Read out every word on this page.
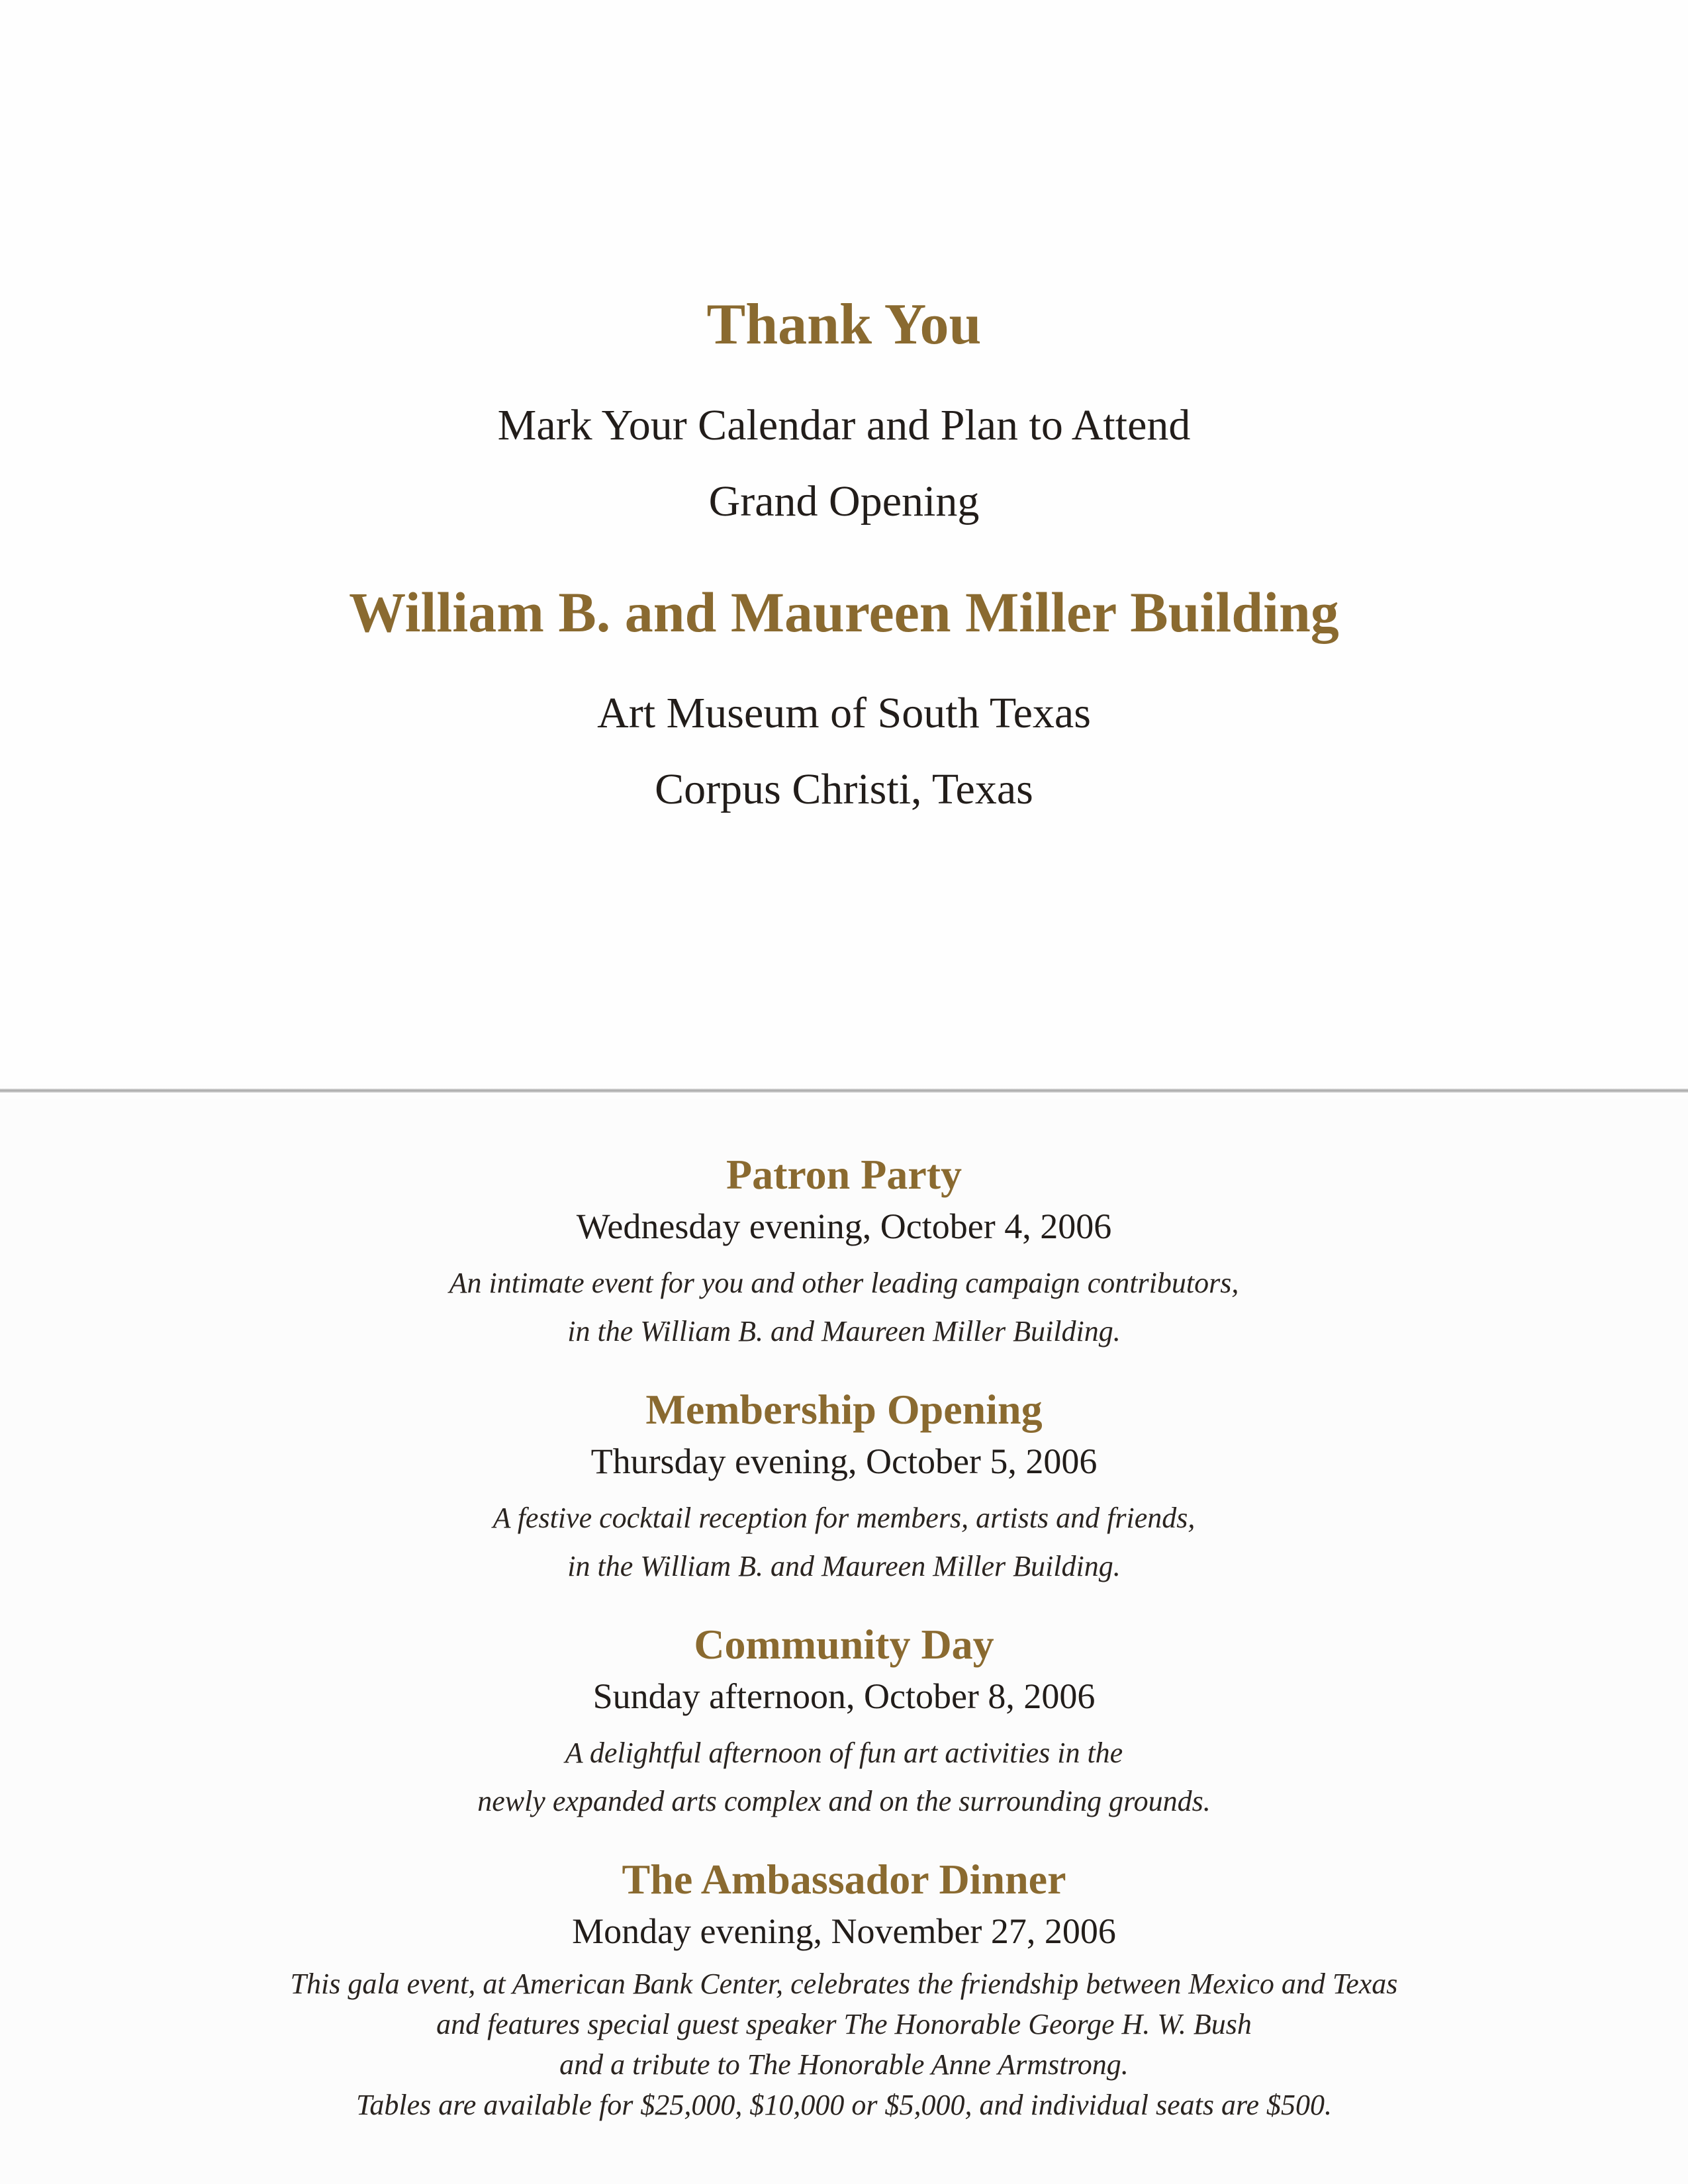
Thank You
Mark Your Calendar and Plan to Attend
Grand Opening
William B. and Maureen Miller Building
Art Museum of South Texas
Corpus Christi, Texas
Patron Party
Wednesday evening, October 4, 2006
An intimate event for you and other leading campaign contributors,
in the William B. and Maureen Miller Building.
Membership Opening
Thursday evening, October 5, 2006
A festive cocktail reception for members, artists and friends,
in the William B. and Maureen Miller Building.
Community Day
Sunday afternoon, October 8, 2006
A delightful afternoon of fun art activities in the
newly expanded arts complex and on the surrounding grounds.
The Ambassador Dinner
Monday evening, November 27, 2006
This gala event, at American Bank Center, celebrates the friendship between Mexico and Texas
and features special guest speaker The Honorable George H. W. Bush
and a tribute to The Honorable Anne Armstrong.
Tables are available for $25,000, $10,000 or $5,000, and individual seats are $500.
